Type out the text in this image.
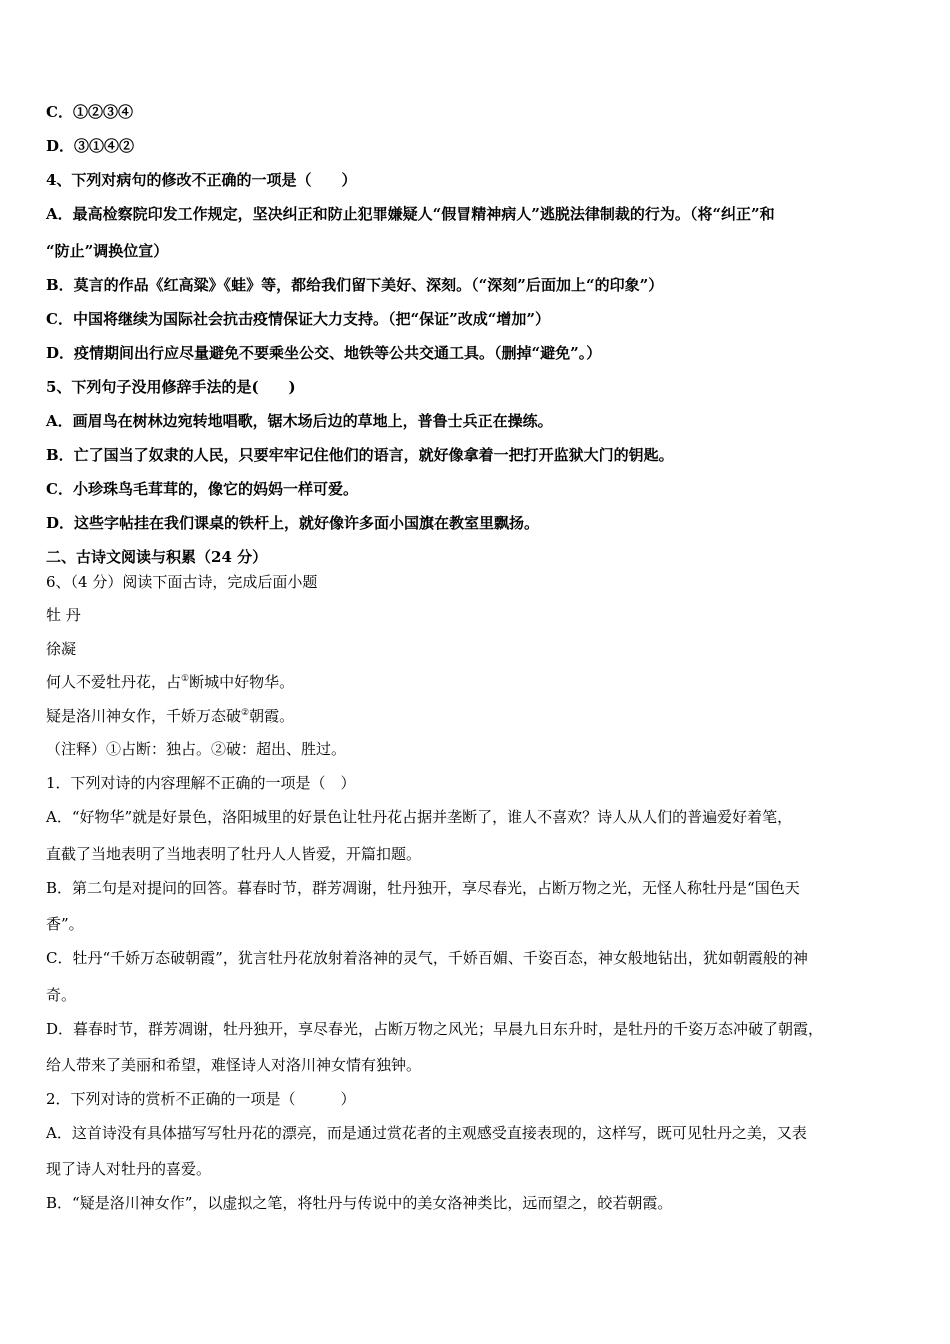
C．①②③④
D．③①④②
4、下列对病句的修改不正确的一项是（　　）
A．最高检察院印发工作规定，坚决纠正和防止犯罪嫌疑人“假冒精神病人”逃脱法律制裁的行为。（将“纠正”和
“防止”调换位宣）
B．莫言的作品《红高粱》《蛙》等，都给我们留下美好、深刻。（“深刻”后面加上“的印象”）
C．中国将继续为国际社会抗击疫情保证大力支持。（把“保证”改成“增加”）
D．疫情期间出行应尽量避免不要乘坐公交、地铁等公共交通工具。（删掉“避免”。）
5、下列句子没用修辞手法的是(　　)
A．画眉鸟在树林边宛转地唱歌，锯木场后边的草地上，普鲁士兵正在操练。
B．亡了国当了奴隶的人民，只要牢牢记住他们的语言，就好像拿着一把打开监狱大门的钥匙。
C．小珍珠鸟毛茸茸的，像它的妈妈一样可爱。
D．这些字帖挂在我们课桌的铁杆上，就好像许多面小国旗在教室里飘扬。
二、古诗文阅读与积累（24 分）
6、（4 分）阅读下面古诗，完成后面小题
牡 丹
徐凝
何人不爱牡丹花，占①断城中好物华。
疑是洛川神女作，千娇万态破②朝霞。
（注释）①占断：独占。②破：超出、胜过。
1．下列对诗的内容理解不正确的一项是（　）
A．“好物华”就是好景色，洛阳城里的好景色让牡丹花占据并垄断了，谁人不喜欢？诗人从人们的普遍爱好着笔，
直截了当地表明了当地表明了牡丹人人皆爱，开篇扣题。
B．第二句是对提问的回答。暮春时节，群芳凋谢，牡丹独开，享尽春光，占断万物之光，无怪人称牡丹是“国色天
香”。
C．牡丹“千娇万态破朝霞”，犹言牡丹花放射着洛神的灵气，千娇百媚、千姿百态，神女般地钻出，犹如朝霞般的神
奇。
D．暮春时节，群芳凋谢，牡丹独开，享尽春光，占断万物之风光；早晨九日东升时，是牡丹的千姿万态冲破了朝霞，
给人带来了美丽和希望，难怪诗人对洛川神女情有独钟。
2．下列对诗的赏析不正确的一项是（　　　）
A．这首诗没有具体描写写牡丹花的漂亮，而是通过赏花者的主观感受直接表现的，这样写，既可见牡丹之美，又表
现了诗人对牡丹的喜爱。
B．“疑是洛川神女作”，以虚拟之笔，将牡丹与传说中的美女洛神类比，远而望之，皎若朝霞。
